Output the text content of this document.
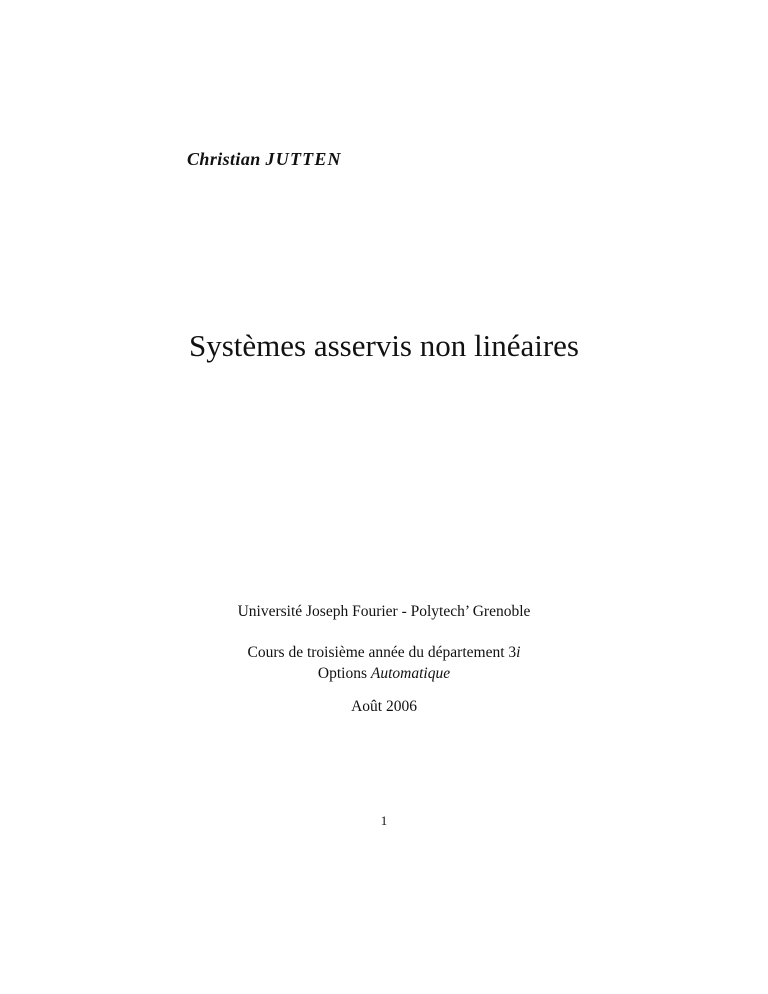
Christian JUTTEN
Systèmes asservis non linéaires
Université Joseph Fourier - Polytech’ Grenoble
Cours de troisième année du département 3i
Options Automatique
Août 2006
1
